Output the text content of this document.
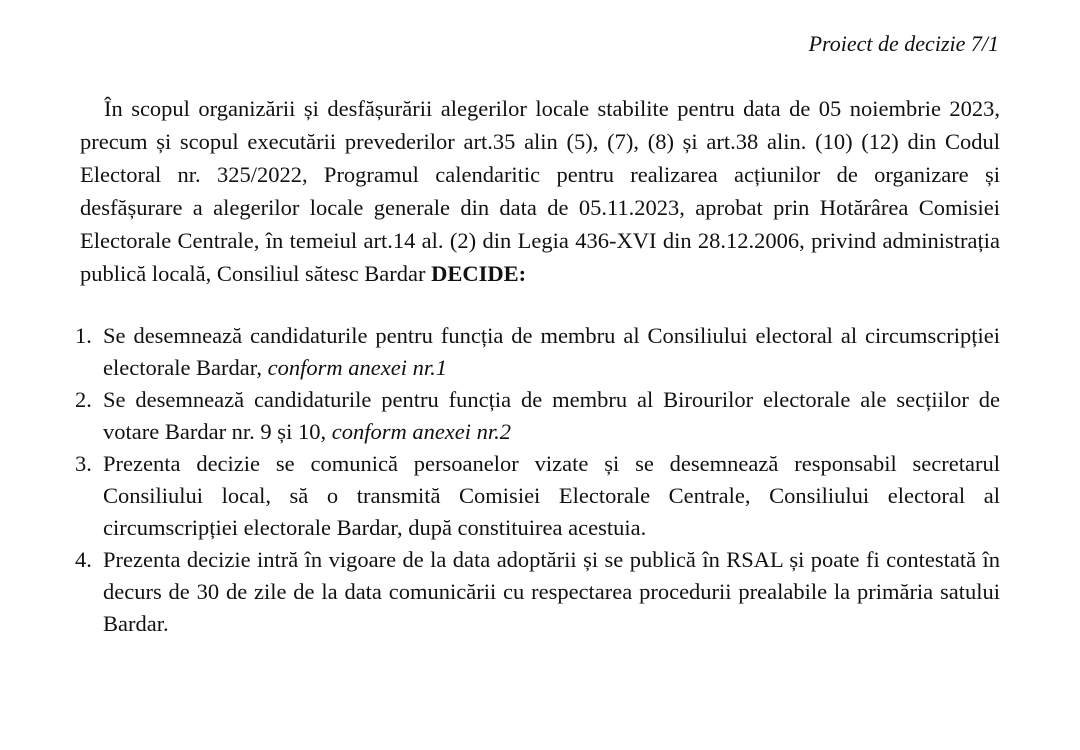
Proiect de decizie 7/1

În scopul organizării și desfășurării alegerilor locale stabilite pentru data de 05 noiembrie 2023, precum și scopul executării prevederilor art.35 alin (5), (7), (8) și art.38 alin. (10) (12) din Codul Electoral nr. 325/2022, Programul calendaritic pentru realizarea acțiunilor de organizare și desfășurare a alegerilor locale generale din data de 05.11.2023, aprobat prin Hotărârea Comisiei Electorale Centrale, în temeiul art.14 al. (2) din Legia 436-XVI din 28.12.2006, privind administrația publică locală, Consiliul sătesc Bardar DECIDE:

1. Se desemnează candidaturile pentru funcția de membru al Consiliului electoral al circumscripției electorale Bardar, conform anexei nr.1
2. Se desemnează candidaturile pentru funcția de membru al Birourilor electorale ale secțiilor de votare Bardar nr. 9 și 10, conform anexei nr.2
3. Prezenta decizie se comunică persoanelor vizate și se desemnează responsabil secretarul Consiliului local, să o transmită Comisiei Electorale Centrale, Consiliului electoral al circumscripției electorale Bardar, după constituirea acestuia.
4. Prezenta decizie intră în vigoare de la data adoptării și se publică în RSAL și poate fi contestată în decurs de 30 de zile de la data comunicării cu respectarea procedurii prealabile la primăria satului Bardar.
